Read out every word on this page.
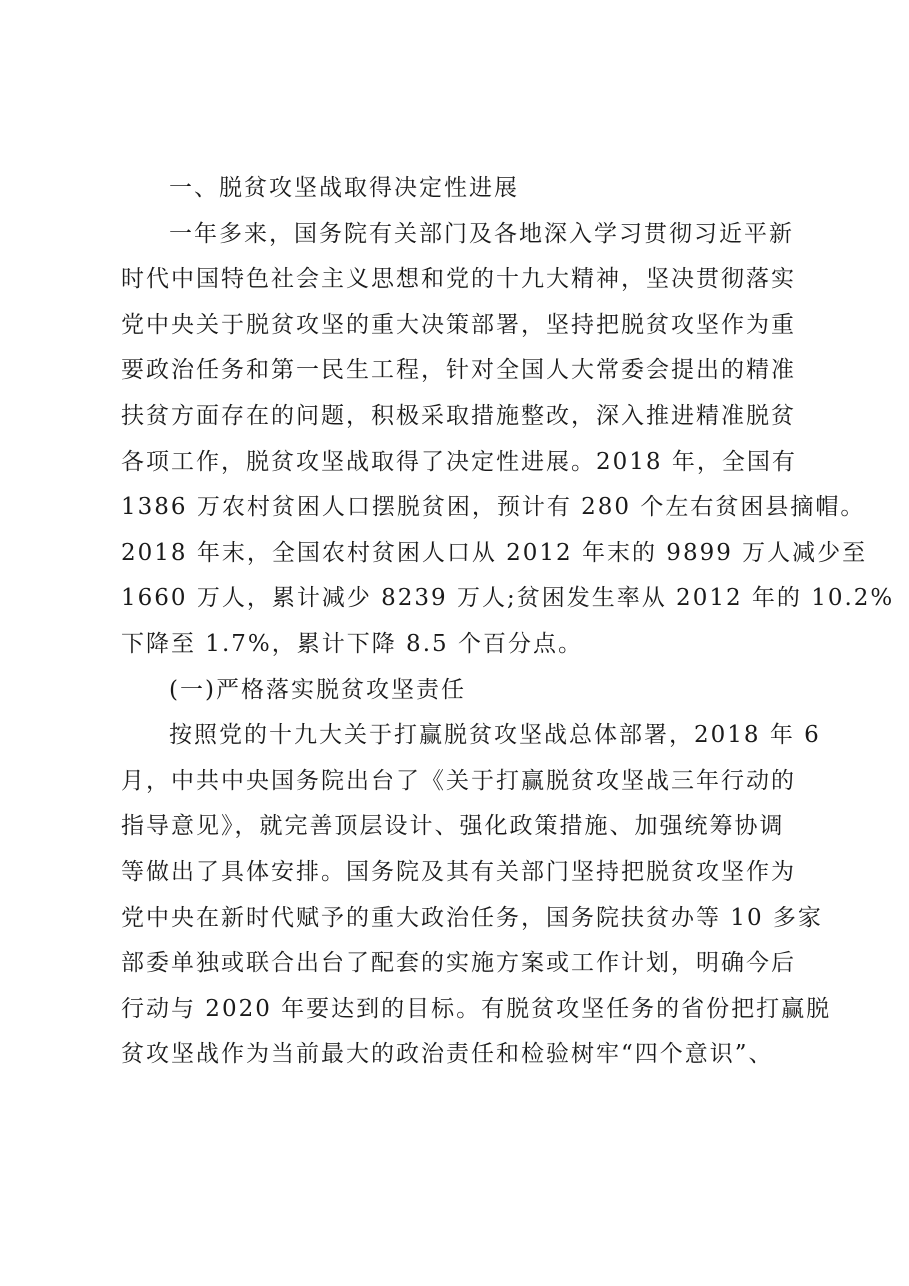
一、脱贫攻坚战取得决定性进展
一年多来，国务院有关部门及各地深入学习贯彻习近平新
时代中国特色社会主义思想和党的十九大精神，坚决贯彻落实
党中央关于脱贫攻坚的重大决策部署，坚持把脱贫攻坚作为重
要政治任务和第一民生工程，针对全国人大常委会提出的精准
扶贫方面存在的问题，积极采取措施整改，深入推进精准脱贫
各项工作，脱贫攻坚战取得了决定性进展。2018 年，全国有
1386 万农村贫困人口摆脱贫困，预计有 280 个左右贫困县摘帽。
2018 年末，全国农村贫困人口从 2012 年末的 9899 万人减少至
1660 万人，累计减少 8239 万人;贫困发生率从 2012 年的 10.2%
下降至 1.7%，累计下降 8.5 个百分点。
(一)严格落实脱贫攻坚责任
按照党的十九大关于打赢脱贫攻坚战总体部署，2018 年 6
月，中共中央国务院出台了《关于打赢脱贫攻坚战三年行动的
指导意见》，就完善顶层设计、强化政策措施、加强统筹协调
等做出了具体安排。国务院及其有关部门坚持把脱贫攻坚作为
党中央在新时代赋予的重大政治任务，国务院扶贫办等 10 多家
部委单独或联合出台了配套的实施方案或工作计划，明确今后
行动与 2020 年要达到的目标。有脱贫攻坚任务的省份把打赢脱
贫攻坚战作为当前最大的政治责任和检验树牢“四个意识”、
